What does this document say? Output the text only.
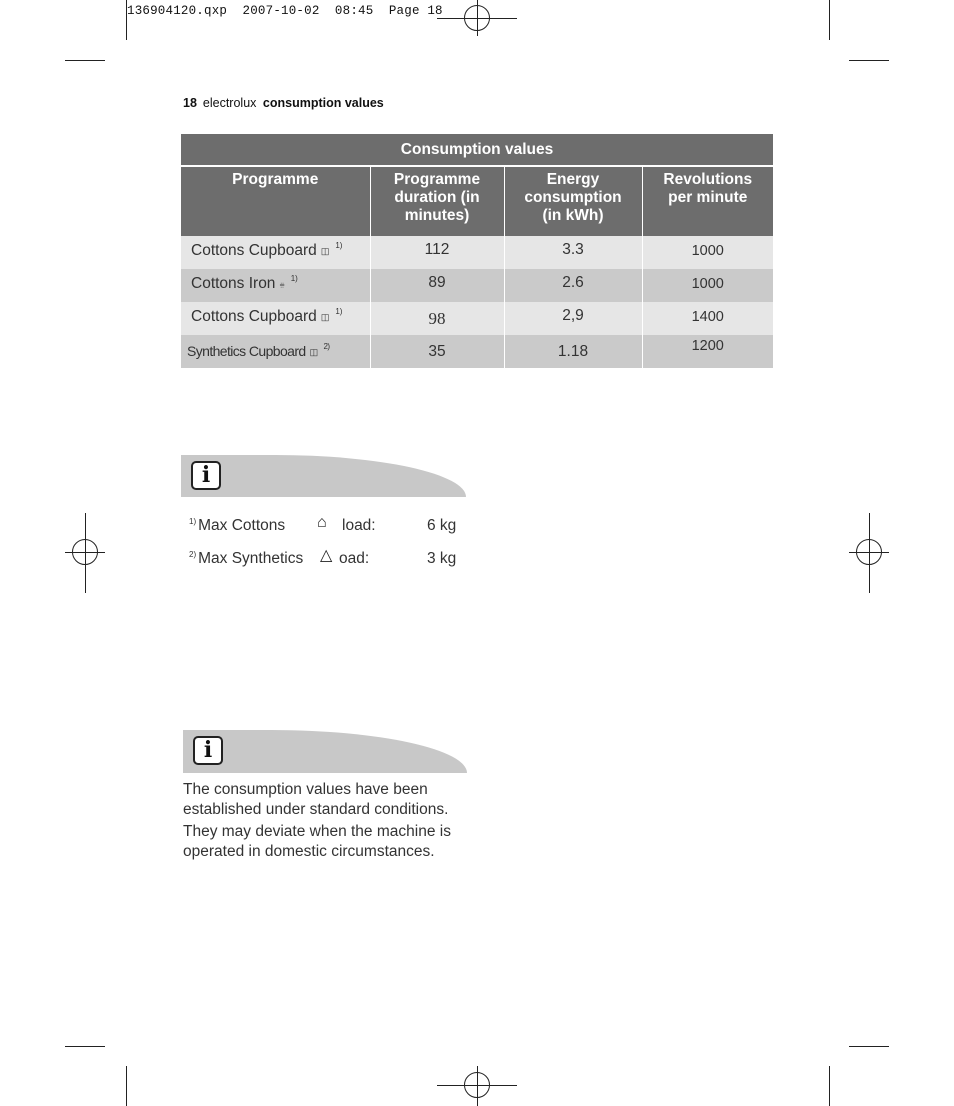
136904120.qxp  2007-10-02  08:45  Page 18
18 electrolux consumption values
Consumption values			
Programme	Programme duration (in minutes)	Energy consumption (in kWh)	Revolutions per minute
Cottons Cupboard ◫$^{1)}$	112	3.3	1000
Cottons Iron ⩷$^{1)}$	89	2.6	1000
Cottons Cupboard ◫$^{1)}$	98	2,9	1400
Synthetics Cupboard ◫$^{2)}$	35	1.18	1200
i
$^{1)}$ Max Cottons ⌂ load:	6 kg
$^{2)}$ Max Synthetics △ oad:	3 kg
i
The consumption values have been established under standard conditions.
They may deviate when the machine is operated in domestic circumstances.
